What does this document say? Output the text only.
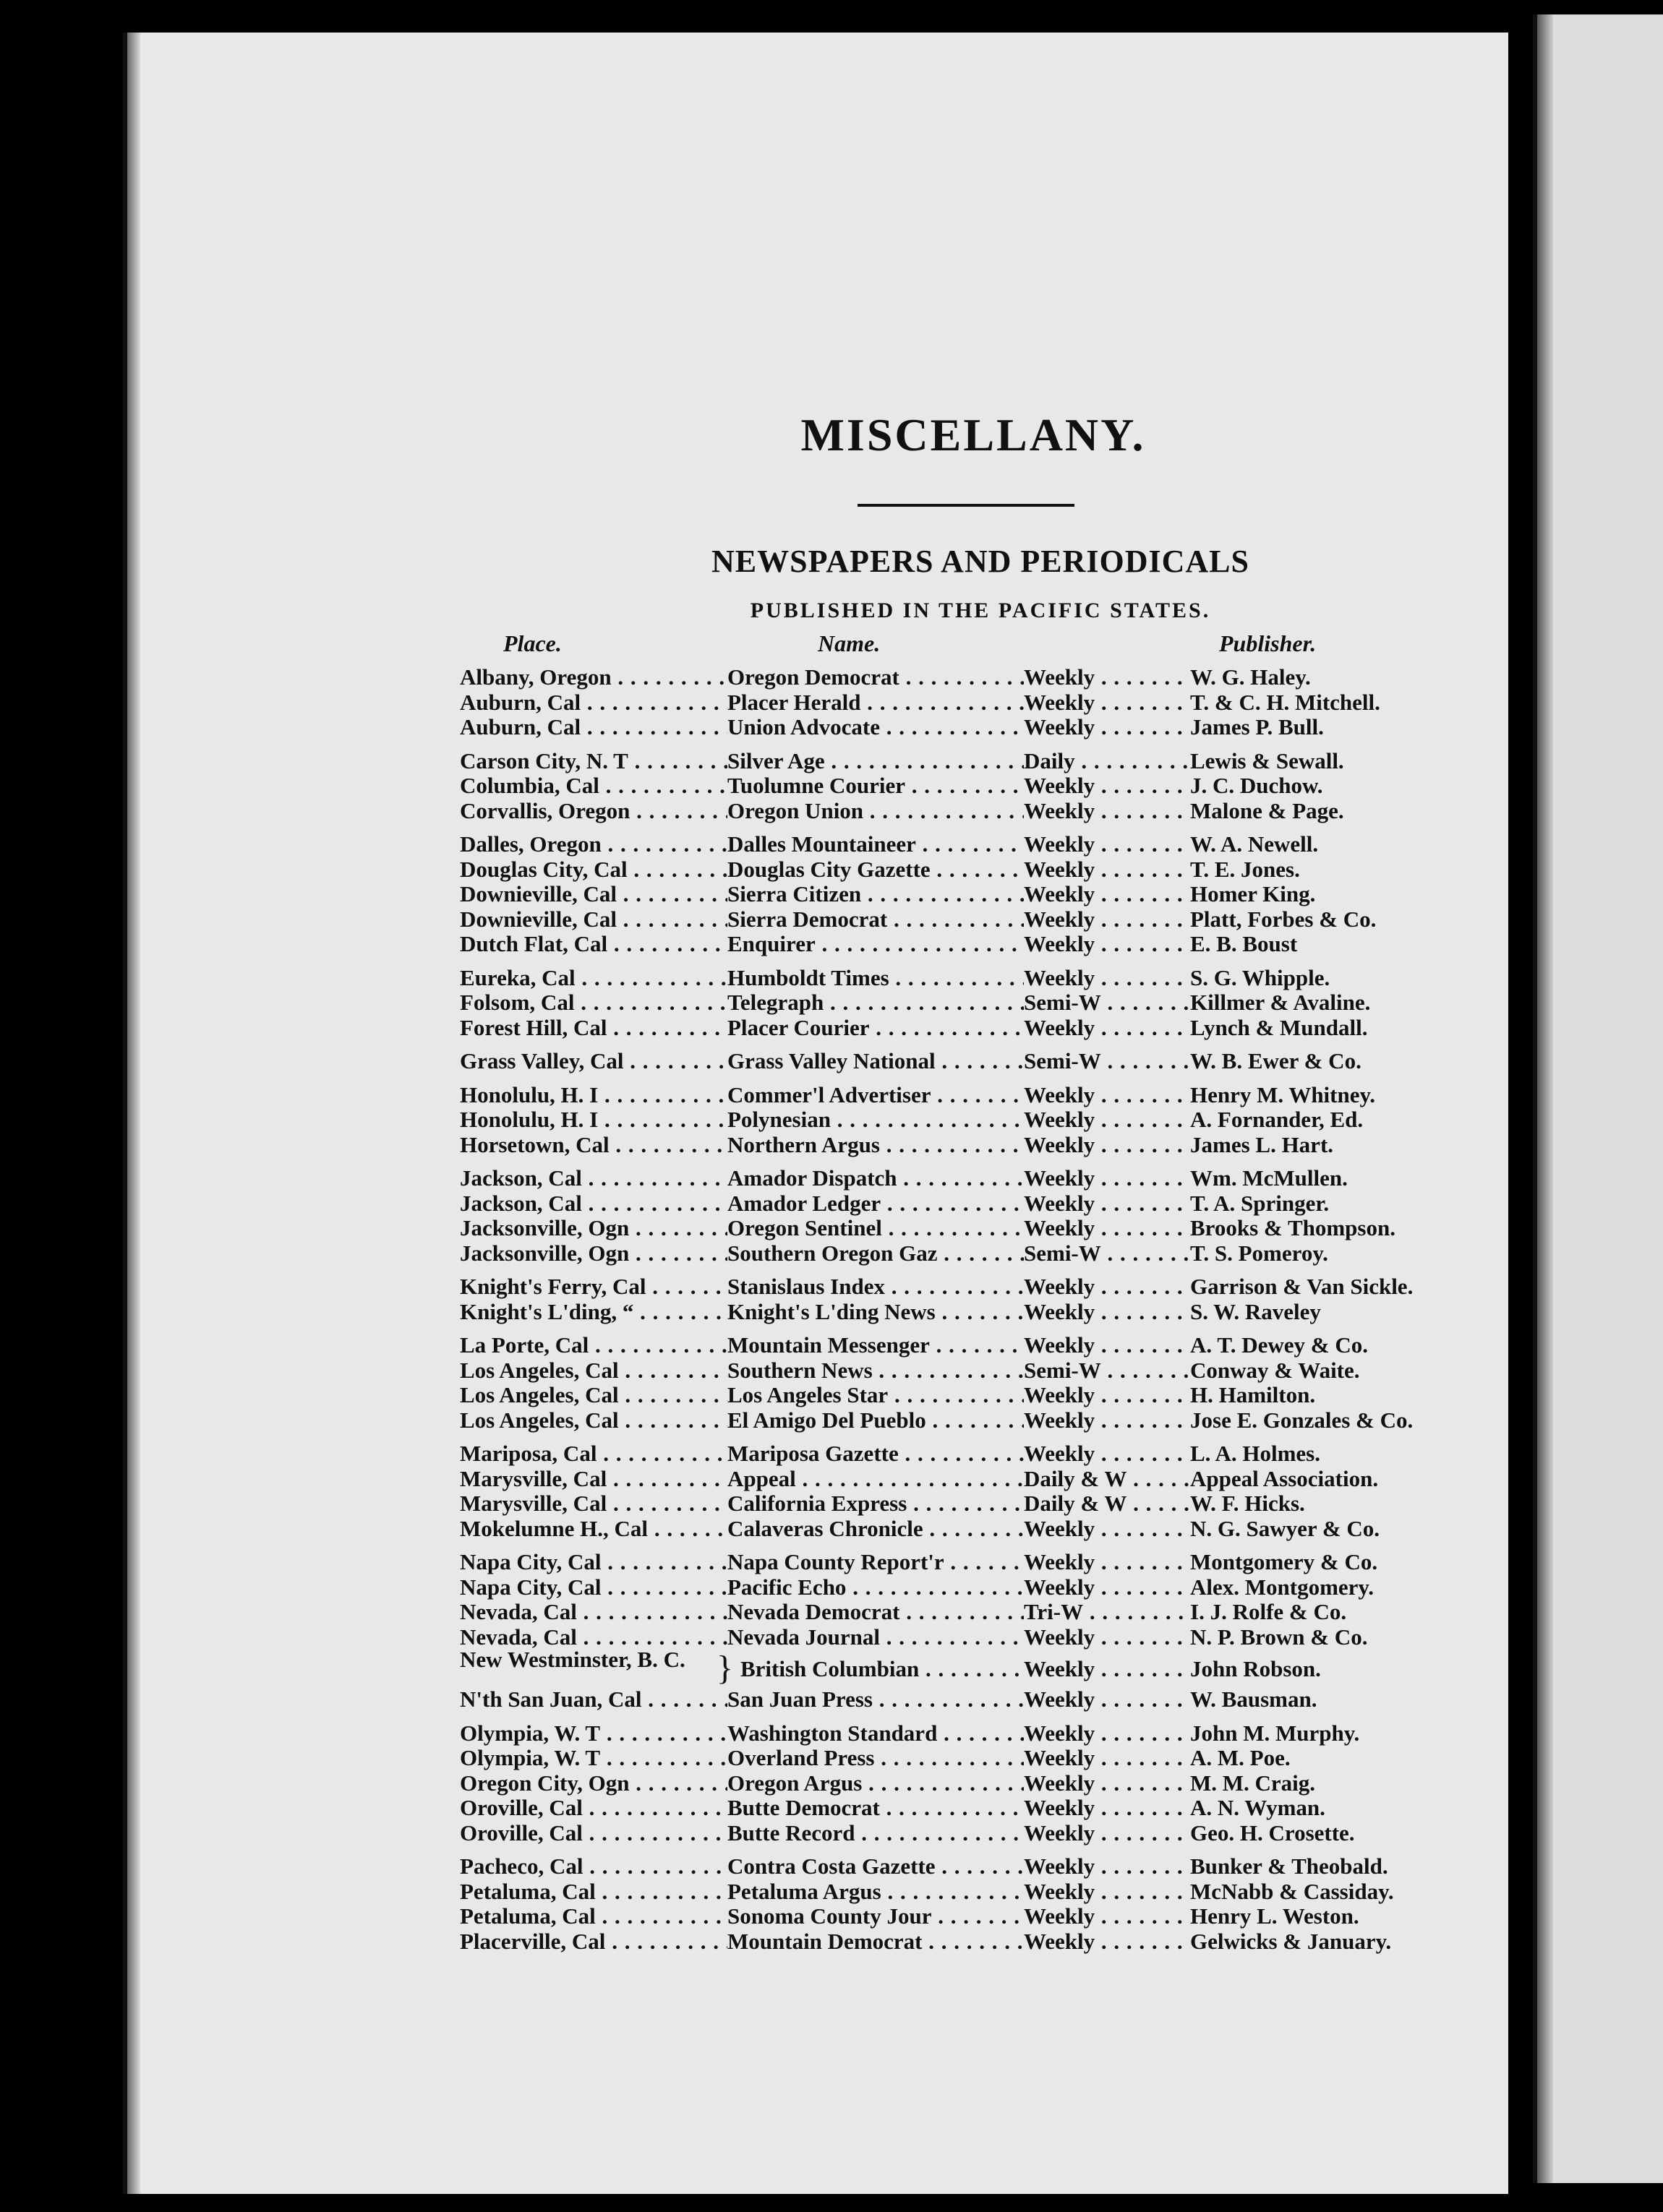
MISCELLANY.
NEWSPAPERS AND PERIODICALS
PUBLISHED IN THE PACIFIC STATES.
Place.	Name.	Publisher.
Albany, Oregon . . .	Oregon Democrat . . .	Weekly . . .	W. G. Haley.
Auburn, Cal . . .	Placer Herald . . .	Weekly . . .	T. & C. H. Mitchell.
Auburn, Cal . . .	Union Advocate . . .	Weekly . . .	James P. Bull.
Carson City, N. T . . .	Silver Age . . .	Daily . . .	Lewis & Sewall.
Columbia, Cal . . .	Tuolumne Courier . . .	Weekly . . .	J. C. Duchow.
Corvallis, Oregon . . .	Oregon Union . . .	Weekly . . .	Malone & Page.
Dalles, Oregon . . .	Dalles Mountaineer . . .	Weekly . . .	W. A. Newell.
Douglas City, Cal . . .	Douglas City Gazette . . .	Weekly . . .	T. E. Jones.
Downieville, Cal . . .	Sierra Citizen . . .	Weekly . . .	Homer King.
Downieville, Cal . . .	Sierra Democrat . . .	Weekly . . .	Platt, Forbes & Co.
Dutch Flat, Cal . . .	Enquirer . . .	Weekly . . .	E. B. Boust
Eureka, Cal . . .	Humboldt Times . . .	Weekly . . .	S. G. Whipple.
Folsom, Cal . . .	Telegraph . . .	Semi-W . . .	Killmer & Avaline.
Forest Hill, Cal . . .	Placer Courier . . .	Weekly . . .	Lynch & Mundall.
Grass Valley, Cal . . .	Grass Valley National . . .	Semi-W . . .	W. B. Ewer & Co.
Honolulu, H. I . . .	Commer'l Advertiser . . .	Weekly . . .	Henry M. Whitney.
Honolulu, H. I . . .	Polynesian . . .	Weekly . . .	A. Fornander, Ed.
Horsetown, Cal . . .	Northern Argus . . .	Weekly . . .	James L. Hart.
Jackson, Cal . . .	Amador Dispatch . . .	Weekly . . .	Wm. McMullen.
Jackson, Cal . . .	Amador Ledger . . .	Weekly . . .	T. A. Springer.
Jacksonville, Ogn . . .	Oregon Sentinel . . .	Weekly . . .	Brooks & Thompson.
Jacksonville, Ogn . . .	Southern Oregon Gaz . . .	Semi-W . . .	T. S. Pomeroy.
Knight's Ferry, Cal . . .	Stanislaus Index . . .	Weekly . . .	Garrison & Van Sickle.
Knight's L'ding, “ . . .	Knight's L'ding News . . .	Weekly . . .	S. W. Raveley
La Porte, Cal . . .	Mountain Messenger . . .	Weekly . . .	A. T. Dewey & Co.
Los Angeles, Cal . . .	Southern News . . .	Semi-W . . .	Conway & Waite.
Los Angeles, Cal . . .	Los Angeles Star . . .	Weekly . . .	H. Hamilton.
Los Angeles, Cal . . .	El Amigo Del Pueblo . . .	Weekly . . .	Jose E. Gonzales & Co.
Mariposa, Cal . . .	Mariposa Gazette . . .	Weekly . . .	L. A. Holmes.
Marysville, Cal . . .	Appeal . . .	Daily & W . . .	Appeal Association.
Marysville, Cal . . .	California Express . . .	Daily & W . . .	W. F. Hicks.
Mokelumne H., Cal . . .	Calaveras Chronicle . . .	Weekly . . .	N. G. Sawyer & Co.
Napa City, Cal . . .	Napa County Report'r . . .	Weekly . . .	Montgomery & Co.
Napa City, Cal . . .	Pacific Echo . . .	Weekly . . .	Alex. Montgomery.
Nevada, Cal . . .	Nevada Democrat . . .	Tri-W . . .	I. J. Rolfe & Co.
Nevada, Cal . . .	Nevada Journal . . .	Weekly . . .	N. P. Brown & Co.
New Westminster, B. C. } British Columbian . . .	Weekly . . .	John Robson.
N'th San Juan, Cal . . .	San Juan Press . . .	Weekly . . .	W. Bausman.
Olympia, W. T . . .	Washington Standard . . .	Weekly . . .	John M. Murphy.
Olympia, W. T . . .	Overland Press . . .	Weekly . . .	A. M. Poe.
Oregon City, Ogn . . .	Oregon Argus . . .	Weekly . . .	M. M. Craig.
Oroville, Cal . . .	Butte Democrat . . .	Weekly . . .	A. N. Wyman.
Oroville, Cal . . .	Butte Record . . .	Weekly . . .	Geo. H. Crosette.
Pacheco, Cal . . .	Contra Costa Gazette . . .	Weekly . . .	Bunker & Theobald.
Petaluma, Cal . . .	Petaluma Argus . . .	Weekly . . .	McNabb & Cassiday.
Petaluma, Cal . . .	Sonoma County Jour . . .	Weekly . . .	Henry L. Weston.
Placerville, Cal . . .	Mountain Democrat . . .	Weekly . . .	Gelwicks & January.
